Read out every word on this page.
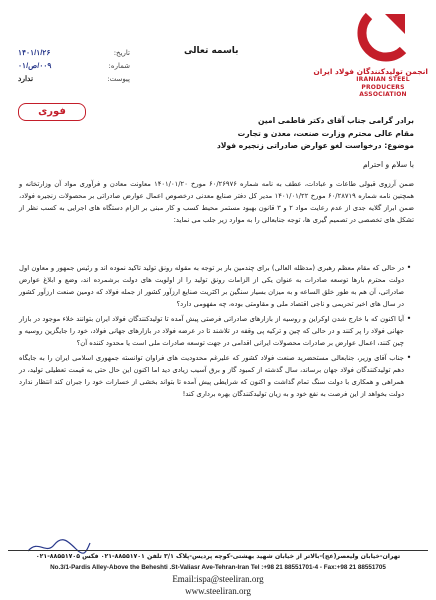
انجمن تولیدکنندگان فولاد ایران
IRANIAN STEEL
PRODUCERS ASSOCIATION
باسمه تعالی
تاریخ:
۱۴۰۱/۱/۲۶
شماره:
۰۰۹/ص/۰۱
پیوست:
ندارد
فوری
برادر گرامی جناب آقای دکتر فاطمی امین
مقام عالی محترم وزارت صنعت، معدن و تجارت
موضوع: درخواست لغو عوارض صادراتی زنجیره فولاد
با سلام و احترام
ضمن آرزوی قبولی طاعات و عبادات، عطف به نامه شماره ۶۰/۲۶۹۷۶ مورخ ۱۴۰۱/۰۱/۲۰ معاونت معادن و فرآوری مواد آن وزارتخانه و همچنین نامه شماره ۶۰/۲۸۷۱۹ مورخ ۱۴۰۱/۰۱/۲۲ مدیر کل دفتر صنایع معدنی درخصوص اعمال عوارض صادراتی بر محصولات زنجیره فولاد، ضمن ابراز گلایه جدی از عدم رعایت مواد ۲ و ۳ قانون بهبود مستمر محیط کسب و کار مبنی بر الزام دستگاه های اجرایی به کسب نظر از تشکل های تخصصی در تصمیم گیری ها، توجه جنابعالی را به موارد زیر جلب می نماید:
•
در حالی که مقام معظم رهبری (مدظله العالی) برای چندمین بار بر توجه به مقوله رونق تولید تاکید نموده اند و رئیس جمهور و معاون اول دولت محترم بارها توسعه صادرات به عنوان یکی از الزامات رونق تولید را از اولویت های دولت برشمرده اند، وضع و ابلاغ عوارض صادراتی، آن هم به طور خلق الساعه و به میزان بسیار سنگین بر اکثریت صنایع ارزآور کشور از جمله فولاد که دومین صنعت ارزآور کشور در سال های اخیر تحریمی و ناجی اقتصاد ملی و مقاومتی بوده، چه مفهومی دارد؟
•
آیا اکنون که با خارج شدن اوکراین و روسیه از بازارهای صادراتی فرصتی پیش آمده تا تولیدکنندگان فولاد ایران بتوانند خلاء موجود در بازار جهانی فولاد را پر کنند و در حالی که چین و ترکیه پی وقفه در تلاشند تا در عرضه فولاد در بازارهای جهانی فولاد، خود را جایگزین روسیه و چین کنند، اعمال عوارض بر صادرات محصولات ایرانی اقدامی در جهت توسعه صادرات ملی است یا محدود کننده آن؟
•
جناب آقای وزیر، جنابعالی مستحضرید صنعت فولاد کشور که علیرغم محدودیت های فراوان توانسته جمهوری اسلامی ایران را به جایگاه دهم تولیدکنندگان فولاد جهان برساند، سال گذشته از کمبود گاز و برق آسیب زیادی دید اما اکنون این حال حتی به قیمت تعطیلی تولید، در همراهی و همکاری با دولت سنگ تمام گذاشت و اکنون که شرایطی پیش آمده تا بتواند بخشی از خسارات خود را جبران کند انتظار ندارد دولت بخواهد از این فرصت به نفع خود و به زیان تولیدکنندگان بهره برداری کند!
تهران-خیابان ولیعصر(عج)-بالاتر از خیابان شهید بهشتی-کوچه پردیس-پلاک ۳/۱ تلفن ۸۸۵۵۱۷۰۱-۰۲۱ فکس ۸۸۵۵۱۷۰۵-۰۲۱
No.3/1-Pardis Alley-Above the Beheshti .St-Valiasr Ave-Tehran-Iran Tel :+98 21 88551701-4 - Fax:+98 21 88551705
Email:ispa@steeliran.org
www.steeliran.org
